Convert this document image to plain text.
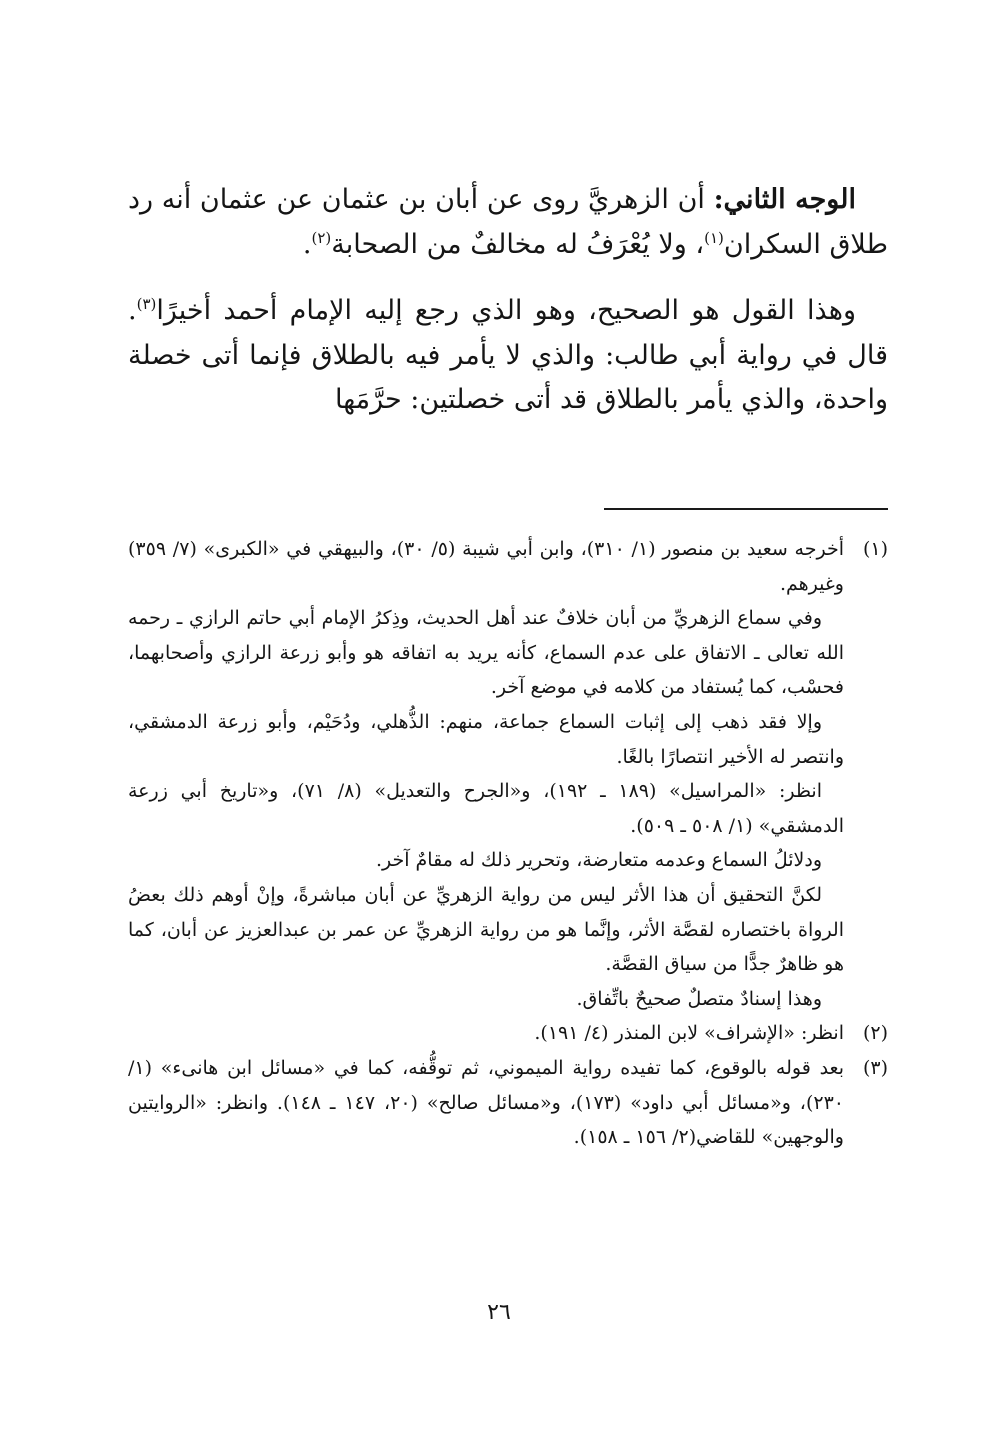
الوجه الثاني: أن الزهريَّ روى عن أبان بن عثمان عن عثمان أنه رد طلاق السكران$^{(١)}$، ولا يُعْرَفُ له مخالفٌ من الصحابة$^{(٢)}$.

وهذا القول هو الصحيح، وهو الذي رجع إليه الإمام أحمد أخيرًا$^{(٣)}$. قال في رواية أبي طالب: والذي لا يأمر فيه بالطلاق فإنما أتى خصلة واحدة، والذي يأمر بالطلاق قد أتى خصلتين: حرَّمَها

(١)

أخرجه سعيد بن منصور (١/ ٣١٠)، وابن أبي شيبة (٥/ ٣٠)، والبيهقي في «الكبرى» (٧/ ٣٥٩) وغيرهم.

وفي سماع الزهريِّ من أبان خلافٌ عند أهل الحديث، وذِكرُ الإمام أبي حاتم الرازي ـ رحمه الله تعالى ـ الاتفاق على عدم السماع، كأنه يريد به اتفاقه هو وأبو زرعة الرازي وأصحابهما، فحسْب، كما يُستفاد من كلامه في موضع آخر.

وإلا فقد ذهب إلى إثبات السماع جماعة، منهم: الذُّهلي، ودُحَيْم، وأبو زرعة الدمشقي، وانتصر له الأخير انتصارًا بالغًا.

انظر: «المراسيل» (١٨٩ ـ ١٩٢)، و«الجرح والتعديل» (٨/ ٧١)، و«تاريخ أبي زرعة الدمشقي» (١/ ٥٠٨ ـ ٥٠٩).

ودلائلُ السماع وعدمه متعارضة، وتحرير ذلك له مقامٌ آخر.

لكنَّ التحقيق أن هذا الأثر ليس من رواية الزهريِّ عن أبان مباشرةً، وإنْ أوهم ذلك بعضُ الرواة باختصاره لقصَّة الأثر، وإنَّما هو من رواية الزهريِّ عن عمر بن عبدالعزيز عن أبان، كما هو ظاهرٌ جدًّا من سياق القصَّة.

وهذا إسنادٌ متصلٌ صحيحٌ باتِّفاق.

(٢)

انظر: «الإشراف» لابن المنذر (٤/ ١٩١).

(٣)

بعد قوله بالوقوع، كما تفيده رواية الميموني، ثم توقُّفه، كما في «مسائل ابن هانىء» (١/ ٢٣٠)، و«مسائل أبي داود» (١٧٣)، و«مسائل صالح» (٢٠، ١٤٧ ـ ١٤٨). وانظر: «الروايتين والوجهين» للقاضي(٢/ ١٥٦ ـ ١٥٨).

٢٦
